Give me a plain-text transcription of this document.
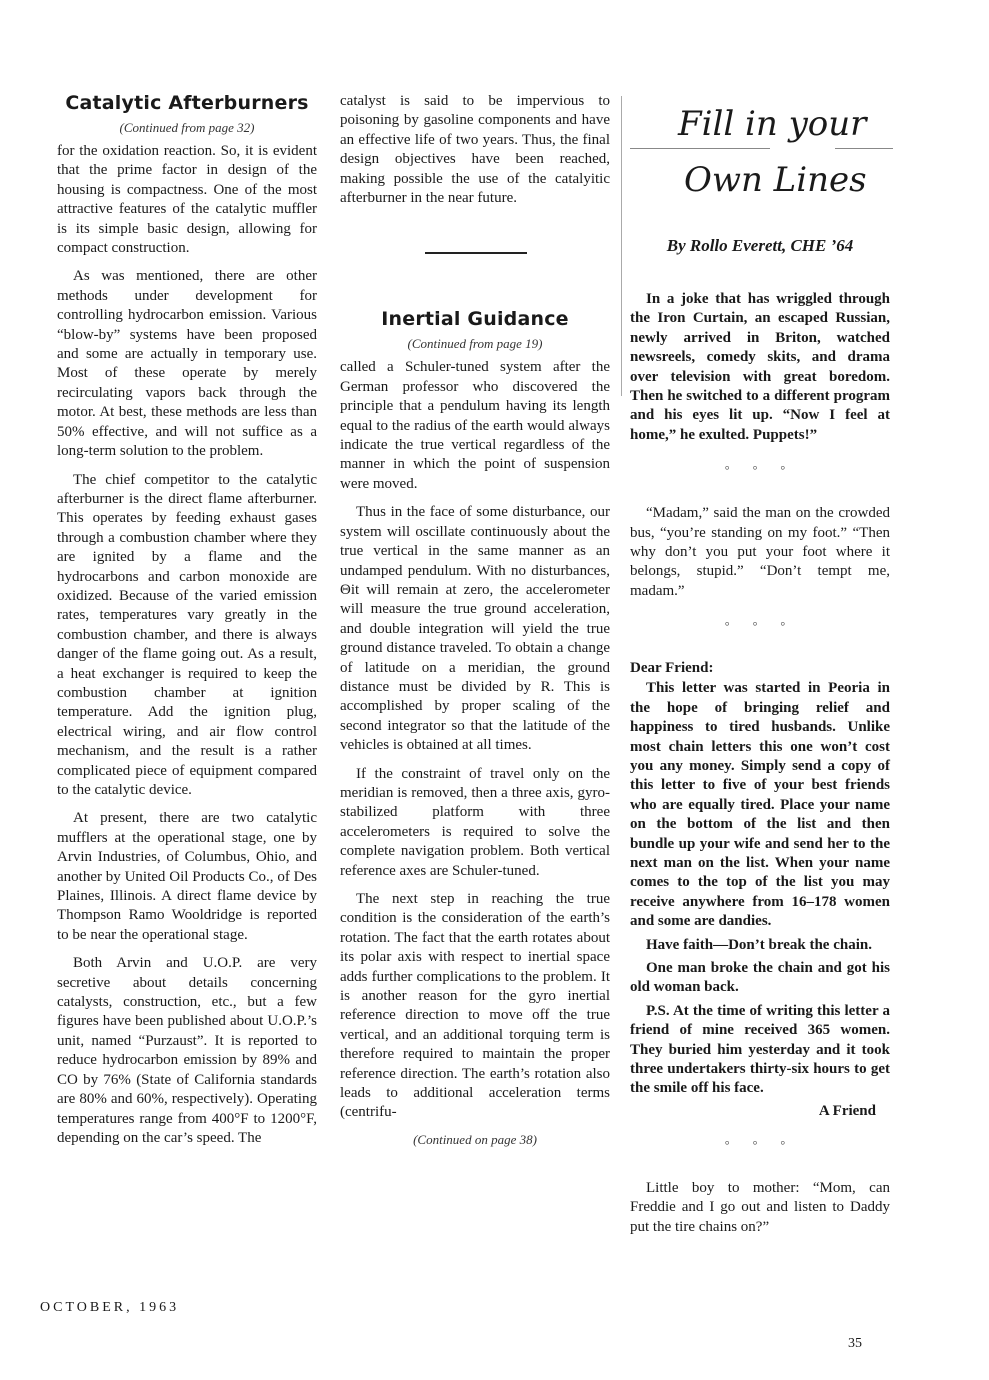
Catalytic Afterburners
(Continued from page 32)

for the oxidation reaction. So, it is evident that the prime factor in design of the housing is compactness. One of the most attractive features of the catalytic muffler is its simple basic design, allowing for compact construction.

As was mentioned, there are other methods under development for controlling hydrocarbon emission. Various “blow-by” systems have been proposed and some are actually in temporary use. Most of these operate by merely recirculating vapors back through the motor. At best, these methods are less than 50% effective, and will not suffice as a long-term solution to the problem.

The chief competitor to the catalytic afterburner is the direct flame afterburner. This operates by feeding exhaust gases through a combustion chamber where they are ignited by a flame and the hydrocarbons and carbon monoxide are oxidized. Because of the varied emission rates, temperatures vary greatly in the combustion chamber, and there is always danger of the flame going out. As a result, a heat exchanger is required to keep the combustion chamber at ignition temperature. Add the ignition plug, electrical wiring, and air flow control mechanism, and the result is a rather complicated piece of equipment compared to the catalytic device.

At present, there are two catalytic mufflers at the operational stage, one by Arvin Industries, of Columbus, Ohio, and another by United Oil Products Co., of Des Plaines, Illinois. A direct flame device by Thompson Ramo Wooldridge is reported to be near the operational stage.

Both Arvin and U.O.P. are very secretive about details concerning catalysts, construction, etc., but a few figures have been published about U.O.P.’s unit, named “Purzaust”. It is reported to reduce hydrocarbon emission by 89% and CO by 76% (State of California standards are 80% and 60%, respectively). Operating temperatures range from 400°F to 1200°F, depending on the car’s speed. The

catalyst is said to be impervious to poisoning by gasoline components and have an effective life of two years. Thus, the final design objectives have been reached, making possible the use of the catalyitic afterburner in the near future.

Inertial Guidance
(Continued from page 19)

called a Schuler-tuned system after the German professor who discovered the principle that a pendulum having its length equal to the radius of the earth would always indicate the true vertical regardless of the manner in which the point of suspension were moved.

Thus in the face of some disturbance, our system will oscillate continuously about the true vertical in the same manner as an undamped pendulum. With no disturbances, Θit will remain at zero, the accelerometer will measure the true ground acceleration, and double integration will yield the true ground distance traveled. To obtain a change of latitude on a meridian, the ground distance must be divided by R. This is accomplished by proper scaling of the second integrator so that the latitude of the vehicles is obtained at all times.

If the constraint of travel only on the meridian is removed, then a three axis, gyro-stabilized platform with three accelerometers is required to solve the complete navigation problem. Both vertical reference axes are Schuler-tuned.

The next step in reaching the true condition is the consideration of the earth’s rotation. The fact that the earth rotates about its polar axis with respect to inertial space adds further complications to the problem. It is another reason for the gyro inertial reference direction to move off the true vertical, and an additional torquing term is therefore required to maintain the proper reference direction. The earth’s rotation also leads to additional acceleration terms (centrifu-

(Continued on page 38)
Fill in your
Own Lines
By Rollo Everett, CHE ’64

In a joke that has wriggled through the Iron Curtain, an escaped Russian, newly arrived in Briton, watched newsreels, comedy skits, and drama over television with great boredom. Then he switched to a different program and his eyes lit up. “Now I feel at home,” he exulted. Puppets!”

° ° °

“Madam,” said the man on the crowded bus, “you’re standing on my foot.” “Then why don’t you put your foot where it belongs, stupid.” “Don’t tempt me, madam.”

° ° °
Dear Friend:

This letter was started in Peoria in the hope of bringing relief and happiness to tired husbands. Unlike most chain letters this one won’t cost you any money. Simply send a copy of this letter to five of your best friends who are equally tired. Place your name on the bottom of the list and then bundle up your wife and send her to the next man on the list. When your name comes to the top of the list you may receive anywhere from 16–178 women and some are dandies.

Have faith—Don’t break the chain.

One man broke the chain and got his old woman back.

P.S. At the time of writing this letter a friend of mine received 365 women. They buried him yesterday and it took three undertakers thirty-six hours to get the smile off his face.

A Friend
° ° °

Little boy to mother: “Mom, can Freddie and I go out and listen to Daddy put the tire chains on?”

OCTOBER, 1963
35
